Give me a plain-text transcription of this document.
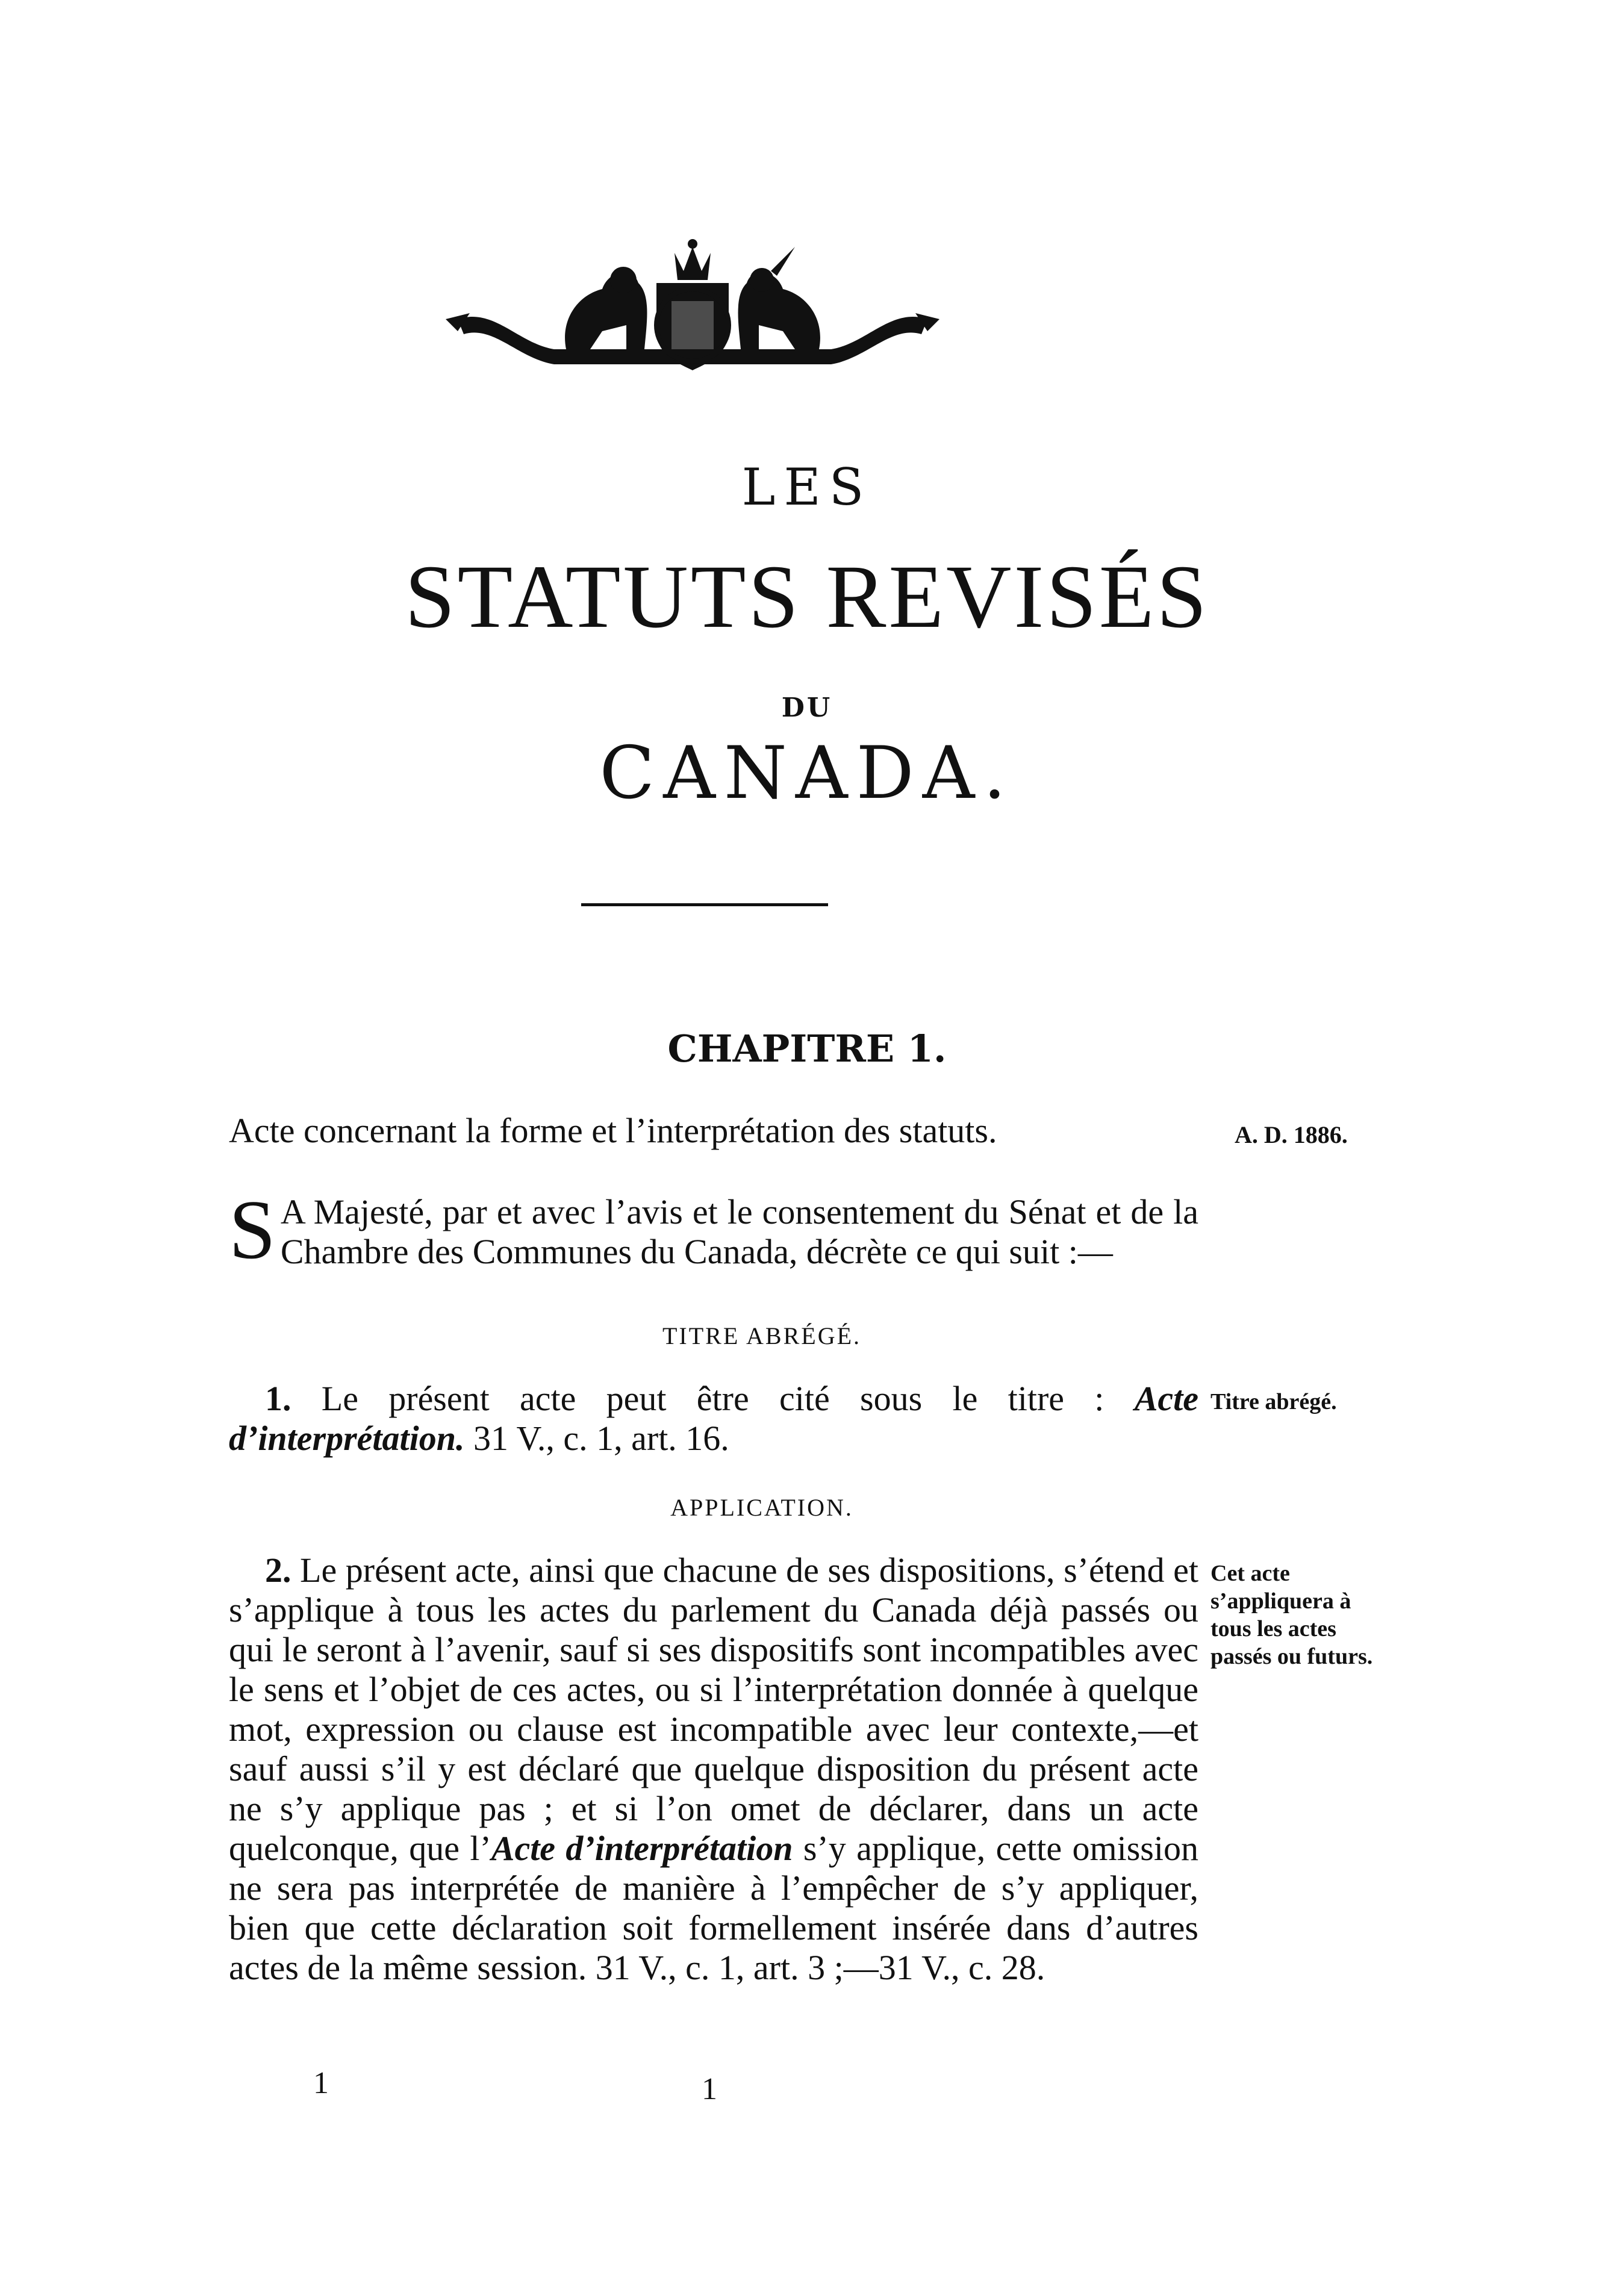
LES
STATUTS REVISÉS
DU
CANADA.
CHAPITRE 1.
Acte concernant la forme et l’interprétation des statuts.	A. D. 1886.
S A Majesté, par et avec l’avis et le consentement du Sénat et de la Chambre des Communes du Canada, décrète ce qui suit :—
TITRE ABRÉGÉ.
1. Le présent acte peut être cité sous le titre : Acte d’interprétation. 31 V., c. 1, art. 16.
Titre abrégé.
APPLICATION.
2. Le présent acte, ainsi que chacune de ses dispositions, s’étend et s’applique à tous les actes du parlement du Canada déjà passés ou qui le seront à l’avenir, sauf si ses dispositifs sont incompatibles avec le sens et l’objet de ces actes, ou si l’interprétation donnée à quelque mot, expression ou clause est incompatible avec leur contexte,—et sauf aussi s’il y est déclaré que quelque disposition du présent acte ne s’y applique pas ; et si l’on omet de déclarer, dans un acte quelconque, que l’Acte d’interprétation s’y applique, cette omission ne sera pas interprétée de manière à l’empêcher de s’y appliquer, bien que cette déclaration soit formellement insérée dans d’autres actes de la même session. 31 V., c. 1, art. 3 ;—31 V., c. 28.
Cet acte s’appliquera à tous les actes passés ou futurs.
1	1
